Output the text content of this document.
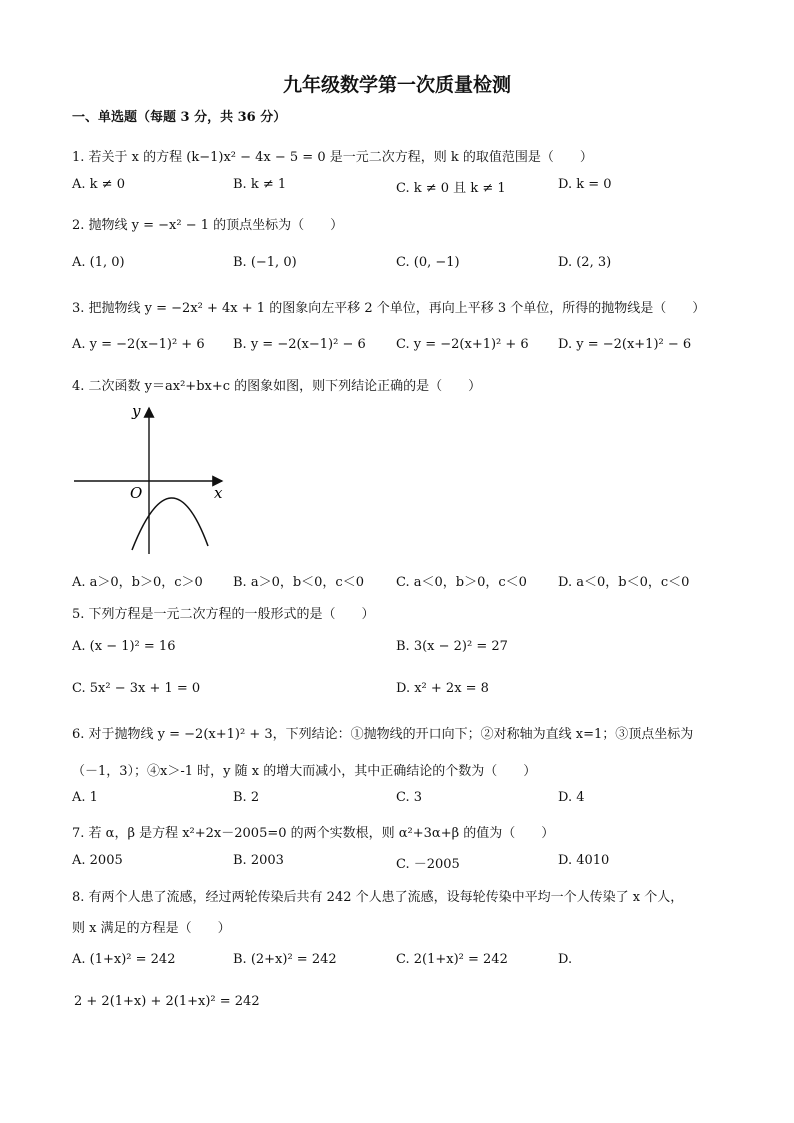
九年级数学第一次质量检测
一、单选题（每题 3 分，共 36 分）
1. 若关于 x 的方程 (k−1)x² − 4x − 5 = 0 是一元二次方程，则 k 的取值范围是（　　）
A. k ≠ 0	B. k ≠ 1	C. k ≠ 0 且 k ≠ 1	D. k = 0
2. 抛物线 y = −x² − 1 的顶点坐标为（　　）
A. (1, 0)	B. (−1, 0)	C. (0, −1)	D. (2, 3)
3. 把抛物线 y = −2x² + 4x + 1 的图象向左平移 2 个单位，再向上平移 3 个单位，所得的抛物线是（　　）
A. y = −2(x−1)² + 6 B. y = −2(x−1)² − 6 C. y = −2(x+1)² + 6 D. y = −2(x+1)² − 6
4. 二次函数 y＝ax²+bx+c 的图象如图，则下列结论正确的是（　　）
y
x
O
A. a＞0，b＞0，c＞0 B. a＞0，b＜0，c＜0 C. a＜0，b＞0，c＜0 D. a＜0，b＜0，c＜0
5. 下列方程是一元二次方程的一般形式的是（　　）
A. (x − 1)² = 16	B. 3(x − 2)² = 27
C. 5x² − 3x + 1 = 0	D. x² + 2x = 8
6. 对于抛物线 y = −2(x+1)² + 3，下列结论：①抛物线的开口向下；②对称轴为直线 x=1；③顶点坐标为
（－1，3）；④x＞-1 时，y 随 x 的增大而减小，其中正确结论的个数为（　　）
A. 1	B. 2	C. 3	D. 4
7. 若 α，β 是方程 x²+2x－2005=0 的两个实数根，则 α²+3α+β 的值为（　　）
A. 2005	B. 2003	C. －2005	D. 4010
8. 有两个人患了流感，经过两轮传染后共有 242 个人患了流感，设每轮传染中平均一个人传染了 x 个人，
则 x 满足的方程是（　　）
A. (1+x)² = 242	B. (2+x)² = 242	C. 2(1+x)² = 242	D.
2 + 2(1+x) + 2(1+x)² = 242
